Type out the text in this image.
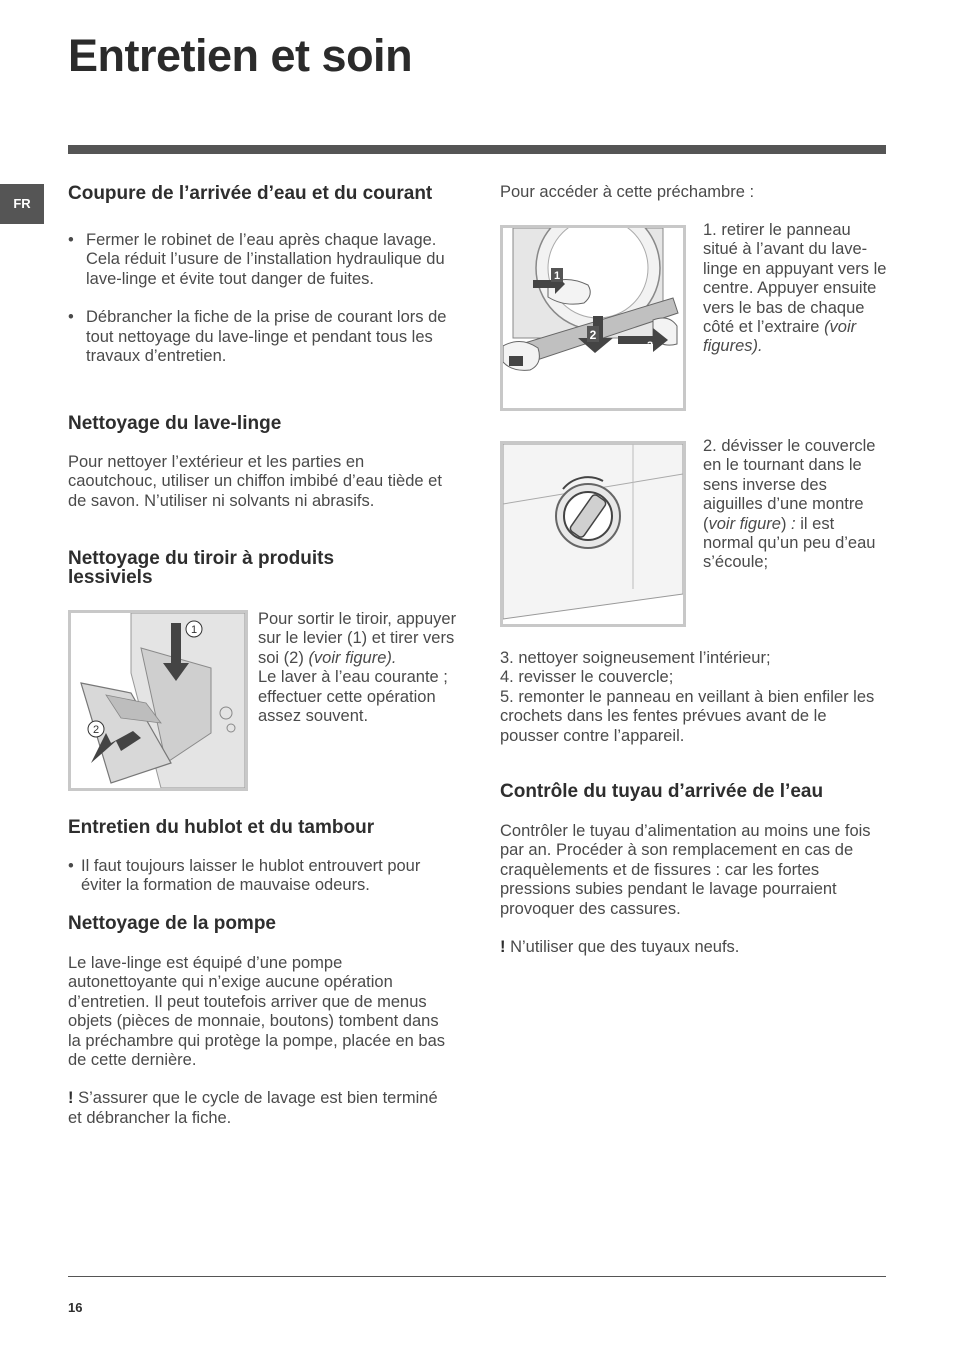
Entretien et soin
FR	Coupure de l’arrivée d’eau et du courant
• Fermer le robinet de l’eau après chaque lavage. Cela réduit l’usure de l’installation hydraulique du lave-linge et évite tout danger de fuites.
• Débrancher la fiche de la prise de courant lors de tout nettoyage du lave-linge et pendant tous les travaux d’entretien.
Nettoyage du lave-linge

Pour nettoyer l’extérieur et les parties en caoutchouc, utiliser un chiffon imbibé d’eau tiède et de savon. N’utiliser ni solvants ni abrasifs.

Nettoyage du tiroir à produits lessiviels
1
2
Pour sortir le tiroir, appuyer sur le levier (1) et tirer vers soi (2) (voir figure).
Le laver à l’eau courante ; effectuer cette opération assez souvent.
Entretien du hublot et du tambour
• Il faut toujours laisser le hublot entrouvert pour éviter la formation de mauvaise odeurs.
Nettoyage de la pompe

Le lave-linge est équipé d’une pompe autonettoyante qui n’exige aucune opération d’entretien. Il peut toutefois arriver que de menus objets (pièces de monnaie, boutons) tombent dans la préchambre qui protège la pompe, placée en bas de cette dernière.

! S’assurer que le cycle de lavage est bien terminé et débrancher la fiche.

Pour accéder à cette préchambre :

1
2
3

1. retirer le panneau situé à l’avant du lave-linge en appuyant vers le centre. Appuyer ensuite vers le bas de chaque côté et l’extraire (voir figures).

2. dévisser le couvercle en le tournant dans le sens inverse des aiguilles d’une montre (voir figure) : il est normal qu’un peu d’eau s’écoule;

3. nettoyer soigneusement l’intérieur;
4. revisser le couvercle;
5. remonter le panneau en veillant à bien enfiler les crochets dans les fentes prévues avant de le pousser contre l’appareil.
Contrôle du tuyau d’arrivée de l’eau

Contrôler le tuyau d’alimentation au moins une fois par an. Procéder à son remplacement en cas de craquèlements et de fissures : car les fortes pressions subies pendant le lavage pourraient provoquer des cassures.

! N’utiliser que des tuyaux neufs.

16
